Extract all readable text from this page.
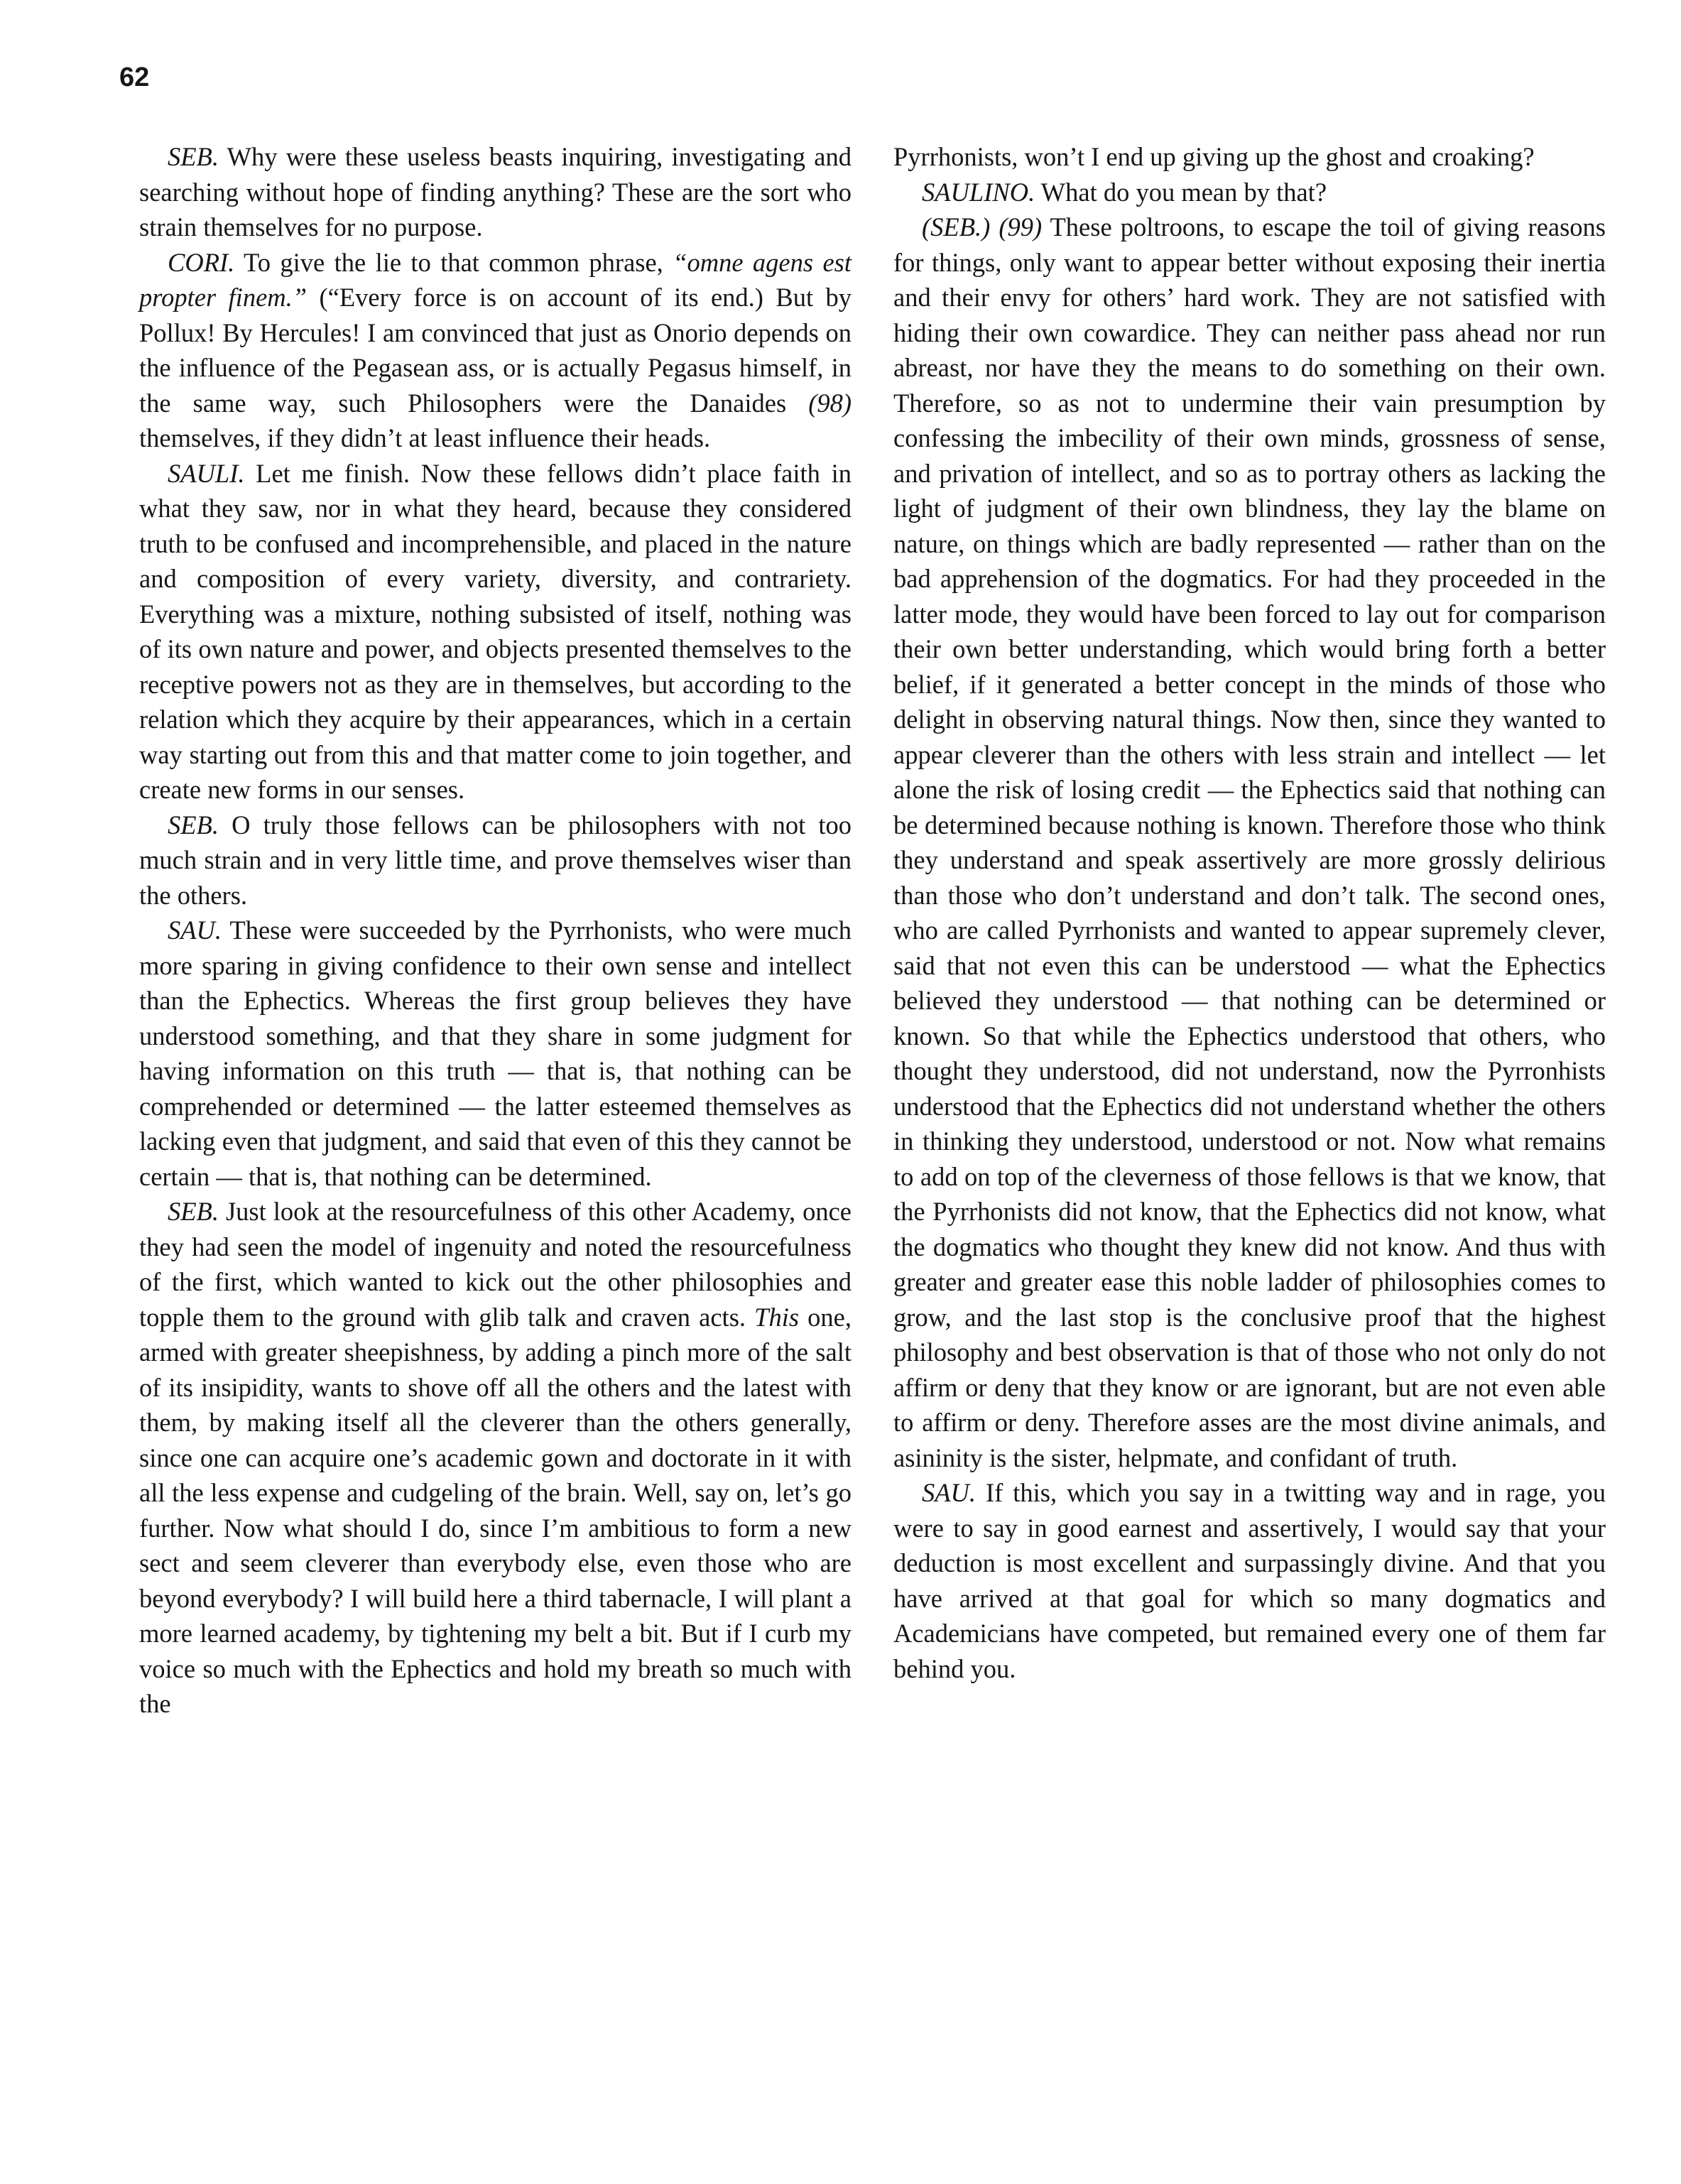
62

SEB. Why were these useless beasts inquiring, investigating and searching without hope of finding anything? These are the sort who strain themselves for no purpose.

CORI. To give the lie to that common phrase, “omne agens est propter finem.” (“Every force is on account of its end.) But by Pollux! By Hercules! I am convinced that just as Onorio depends on the influence of the Pegasean ass, or is actually Pegasus himself, in the same way, such Philosophers were the Danaides (98) themselves, if they didn’t at least influence their heads.

SAULI. Let me finish. Now these fellows didn’t place faith in what they saw, nor in what they heard, because they considered truth to be confused and incomprehensible, and placed in the nature and composition of every variety, diversity, and contrariety. Everything was a mixture, nothing subsisted of itself, nothing was of its own nature and power, and objects presented themselves to the receptive powers not as they are in themselves, but according to the relation which they acquire by their appearances, which in a certain way starting out from this and that matter come to join together, and create new forms in our senses.

SEB. O truly those fellows can be philosophers with not too much strain and in very little time, and prove themselves wiser than the others.

SAU. These were succeeded by the Pyrrhonists, who were much more sparing in giving confidence to their own sense and intellect than the Ephectics. Whereas the first group believes they have understood something, and that they share in some judgment for having information on this truth — that is, that nothing can be comprehended or determined — the latter esteemed themselves as lacking even that judgment, and said that even of this they cannot be certain — that is, that nothing can be determined.

SEB. Just look at the resourcefulness of this other Academy, once they had seen the model of ingenuity and noted the resourcefulness of the first, which wanted to kick out the other philosophies and topple them to the ground with glib talk and craven acts. This one, armed with greater sheepishness, by adding a pinch more of the salt of its insipidity, wants to shove off all the others and the latest with them, by making itself all the cleverer than the others generally, since one can acquire one’s academic gown and doctorate in it with all the less expense and cudgeling of the brain. Well, say on, let’s go further. Now what should I do, since I’m ambitious to form a new sect and seem cleverer than everybody else, even those who are beyond everybody? I will build here a third tabernacle, I will plant a more learned academy, by tightening my belt a bit. But if I curb my voice so much with the Ephectics and hold my breath so much with the

Pyrrhonists, won’t I end up giving up the ghost and croaking?

SAULINO. What do you mean by that?

(SEB.) (99) These poltroons, to escape the toil of giving reasons for things, only want to appear better without exposing their inertia and their envy for others’ hard work. They are not satisfied with hiding their own cowardice. They can neither pass ahead nor run abreast, nor have they the means to do something on their own. Therefore, so as not to undermine their vain presumption by confessing the imbecility of their own minds, grossness of sense, and privation of intellect, and so as to portray others as lacking the light of judgment of their own blindness, they lay the blame on nature, on things which are badly represented — rather than on the bad apprehension of the dogmatics. For had they proceeded in the latter mode, they would have been forced to lay out for comparison their own better understanding, which would bring forth a better belief, if it generated a better concept in the minds of those who delight in observing natural things. Now then, since they wanted to appear cleverer than the others with less strain and intellect — let alone the risk of losing credit — the Ephectics said that nothing can be determined because nothing is known. Therefore those who think they understand and speak assertively are more grossly delirious than those who don’t understand and don’t talk. The second ones, who are called Pyrrhonists and wanted to appear supremely clever, said that not even this can be understood — what the Ephectics believed they understood — that nothing can be determined or known. So that while the Ephectics understood that others, who thought they understood, did not understand, now the Pyrronhists understood that the Ephectics did not understand whether the others in thinking they understood, understood or not. Now what remains to add on top of the cleverness of those fellows is that we know, that the Pyrrhonists did not know, that the Ephectics did not know, what the dogmatics who thought they knew did not know. And thus with greater and greater ease this noble ladder of philosophies comes to grow, and the last stop is the conclusive proof that the highest philosophy and best observation is that of those who not only do not affirm or deny that they know or are ignorant, but are not even able to affirm or deny. Therefore asses are the most divine animals, and asininity is the sister, helpmate, and confidant of truth.

SAU. If this, which you say in a twitting way and in rage, you were to say in good earnest and assertively, I would say that your deduction is most excellent and surpassingly divine. And that you have arrived at that goal for which so many dogmatics and Academicians have competed, but remained every one of them far behind you.
